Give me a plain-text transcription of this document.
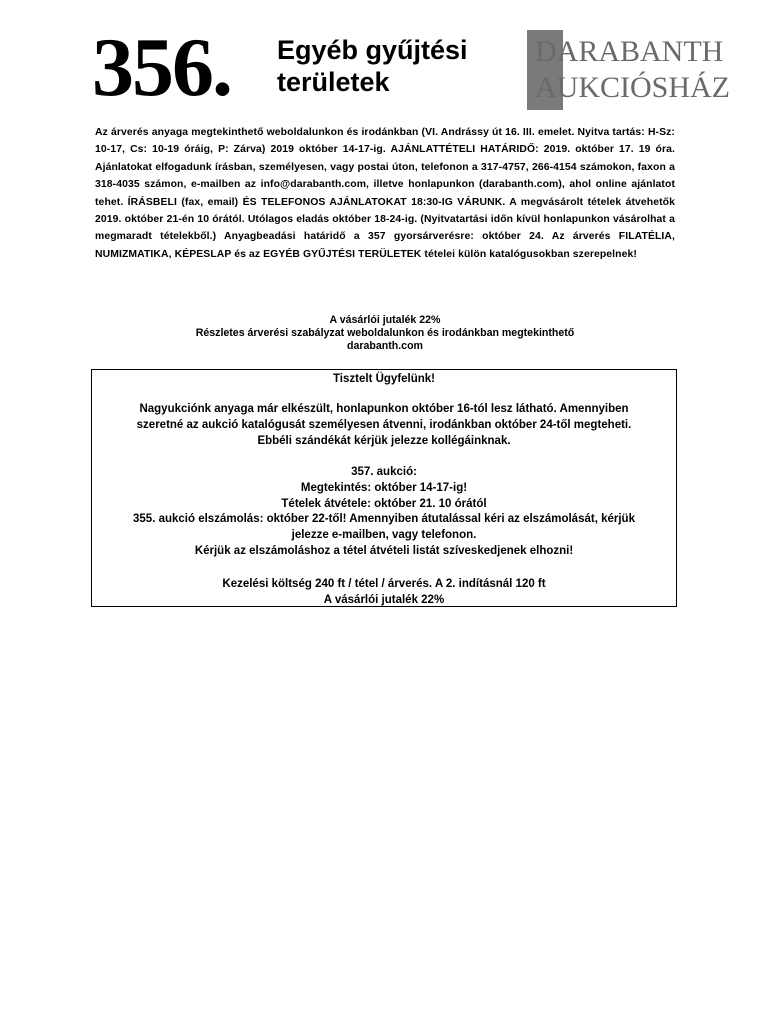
356. Egyéb gyűjtési
területek
DARABANTH
AUKCIÓSHÁZ
Az árverés anyaga megtekinthető weboldalunkon és irodánkban (VI. Andrássy út 16. III. emelet. Nyitva tartás: H-Sz: 10-17, Cs: 10-19 óráig, P: Zárva) 2019 október 14-17-ig. AJÁNLATTÉTELI HATÁRIDŐ: 2019. október 17. 19 óra. Ajánlatokat elfogadunk írásban, személyesen, vagy postai úton, telefonon a 317-4757, 266-4154 számokon, faxon a 318-4035 számon, e-mailben az info@darabanth.com, illetve honlapunkon (darabanth.com), ahol online ajánlatot tehet. ÍRÁSBELI (fax, email) ÉS TELEFONOS AJÁNLATOKAT 18:30-IG VÁRUNK. A megvásárolt tételek átvehetők 2019. október 21-én 10 órától. Utólagos eladás október 18-24-ig. (Nyitvatartási időn kívül honlapunkon vásárolhat a megmaradt tételekből.) Anyagbeadási határidő a 357 gyorsárverésre: október 24. Az árverés FILATÉLIA, NUMIZMATIKA, KÉPESLAP és az EGYÉB GYŰJTÉSI TERÜLETEK tételei külön katalógusokban szerepelnek!
A vásárlói jutalék 22%
Részletes árverési szabályzat weboldalunkon és irodánkban megtekinthető
darabanth.com
Tisztelt Ügyfelünk!
Nagyukciónk anyaga már elkészült, honlapunkon október 16-tól lesz látható. Amennyiben
szeretné az aukció katalógusát személyesen átvenni, irodánkban október 24-től megteheti.
Ebbéli szándékát kérjük jelezze kollégáinknak.
357. aukció:
Megtekintés: október 14-17-ig!
Tételek átvétele: október 21. 10 órától
355. aukció elszámolás: október 22-től! Amennyiben átutalással kéri az elszámolását, kérjük
jelezze e-mailben, vagy telefonon.
Kérjük az elszámoláshoz a tétel átvételi listát szíveskedjenek elhozni!
Kezelési költség 240 ft / tétel / árverés. A 2. indításnál 120 ft
A vásárlói jutalék 22%
